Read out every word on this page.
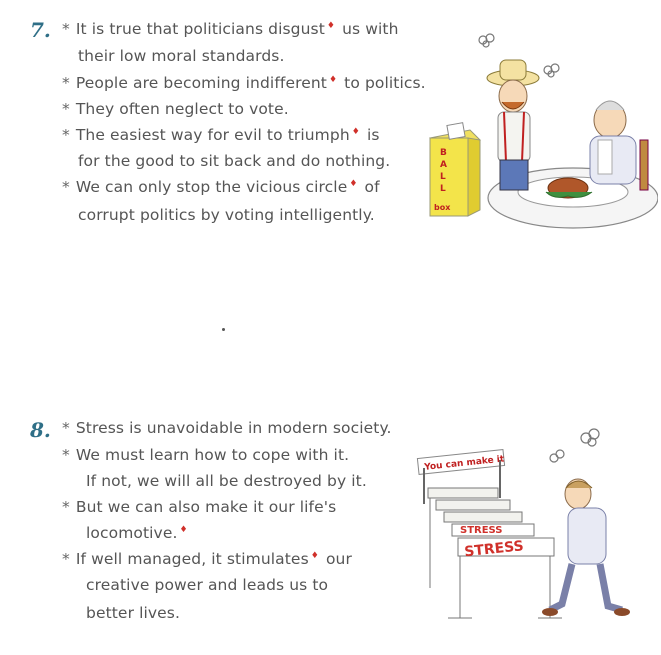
7. * It is true that politicians disgust ♦ us with
their low moral standards.
* People are becoming indifferent ♦ to politics.
* They often neglect to vote.
* The easiest way for evil to triumph ♦ is
for the good to sit back and do nothing.
* We can only stop the vicious circle ♦ of
corrupt politics by voting intelligently.
B
A
L
L
box
8. * Stress is unavoidable in modern society.
* We must learn how to cope with it.
If not, we will all be destroyed by it.
* But we can also make it our life's
locomotive. ♦
* If well managed, it stimulates ♦ our
creative power and leads us to
better lives.
You can make it
STRESS
STRESS
